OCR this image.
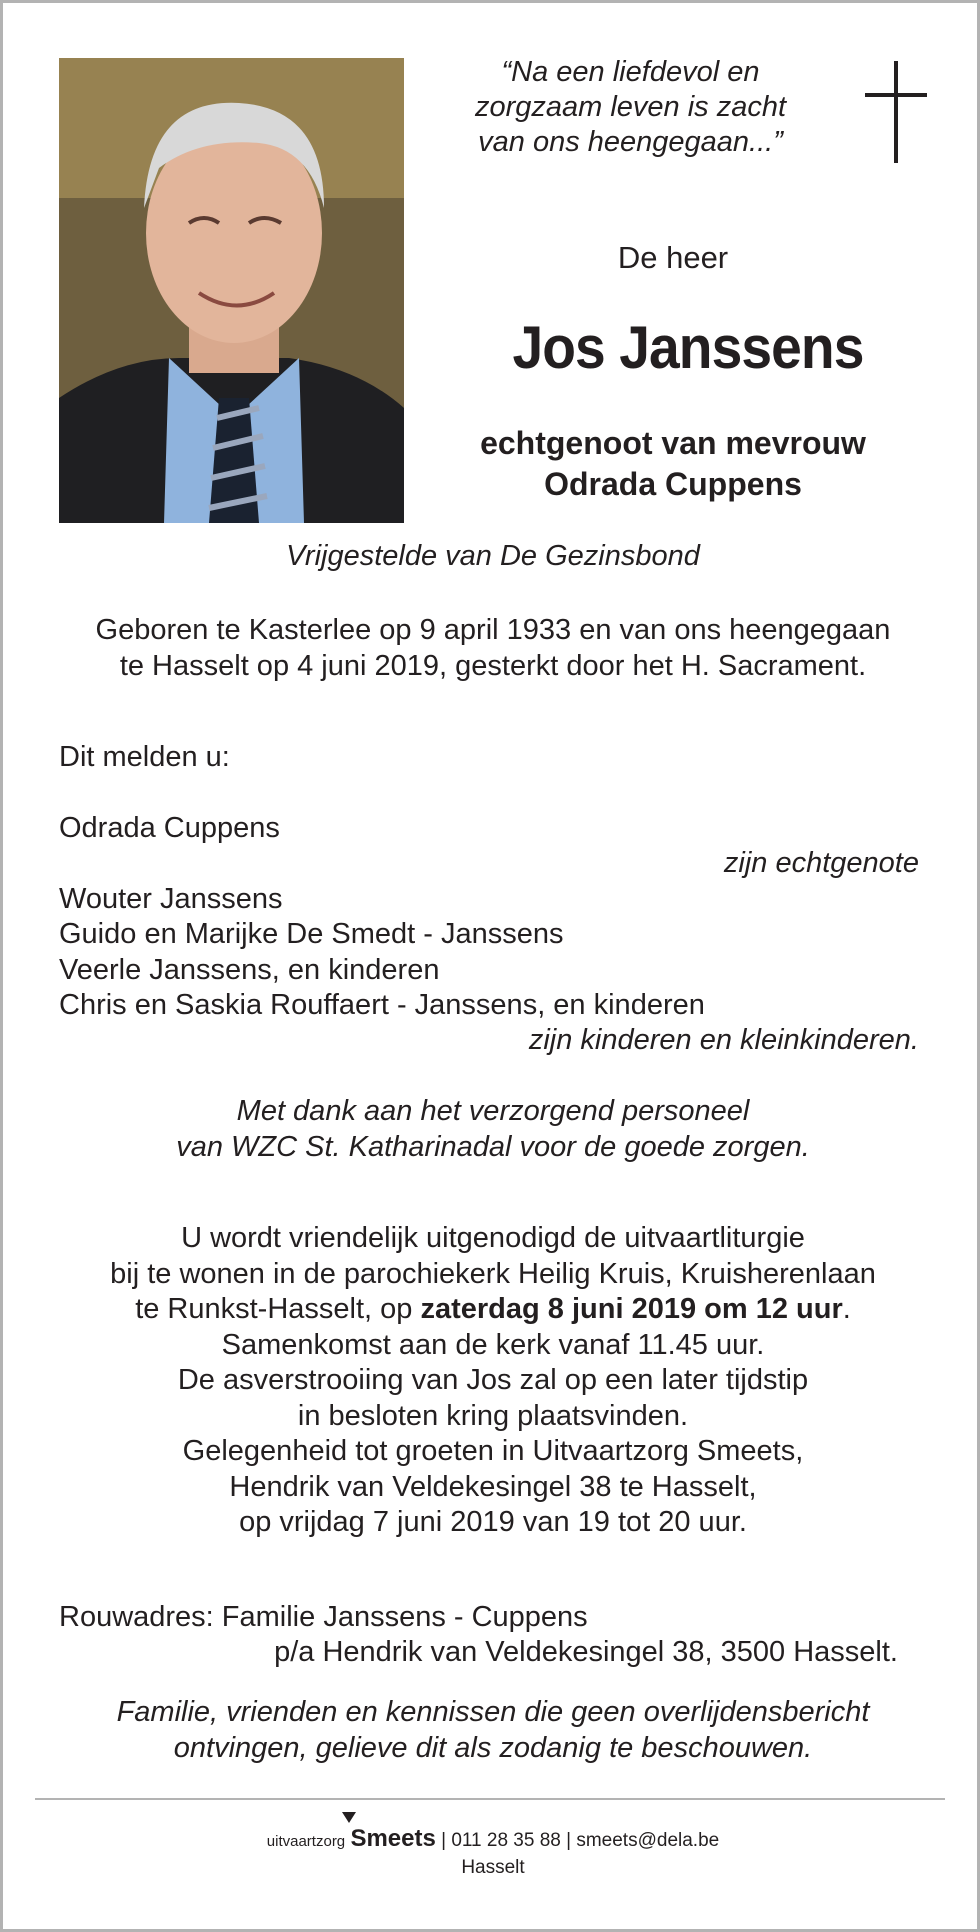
“Na een liefdevol en
zorgzaam leven is zacht
van ons heengegaan...”
De heer
Jos Janssens
echtgenoot van mevrouw
Odrada Cuppens
Vrijgestelde van De Gezinsbond
Geboren te Kasterlee op 9 april 1933 en van ons heengegaan
te Hasselt op 4 juni 2019, gesterkt door het H. Sacrament.
Dit melden u:
Odrada Cuppens
zijn echtgenote
Wouter Janssens
Guido en Marijke De Smedt - Janssens
Veerle Janssens, en kinderen
Chris en Saskia Rouffaert - Janssens, en kinderen
zijn kinderen en kleinkinderen.
Met dank aan het verzorgend personeel
van WZC St. Katharinadal voor de goede zorgen.
U wordt vriendelijk uitgenodigd de uitvaartliturgie
bij te wonen in de parochiekerk Heilig Kruis, Kruisherenlaan
te Runkst-Hasselt, op zaterdag 8 juni 2019 om 12 uur.
Samenkomst aan de kerk vanaf 11.45 uur.
De asverstrooiing van Jos zal op een later tijdstip
in besloten kring plaatsvinden.
Gelegenheid tot groeten in Uitvaartzorg Smeets,
Hendrik van Veldekesingel 38 te Hasselt,
op vrijdag 7 juni 2019 van 19 tot 20 uur.
Rouwadres: Familie Janssens - Cuppens
p/a Hendrik van Veldekesingel 38, 3500 Hasselt.
Familie, vrienden en kennissen die geen overlijdensbericht
ontvingen, gelieve dit als zodanig te beschouwen.
uitvaartzorg Smeets | 011 28 35 88 | smeets@dela.be
Hasselt
